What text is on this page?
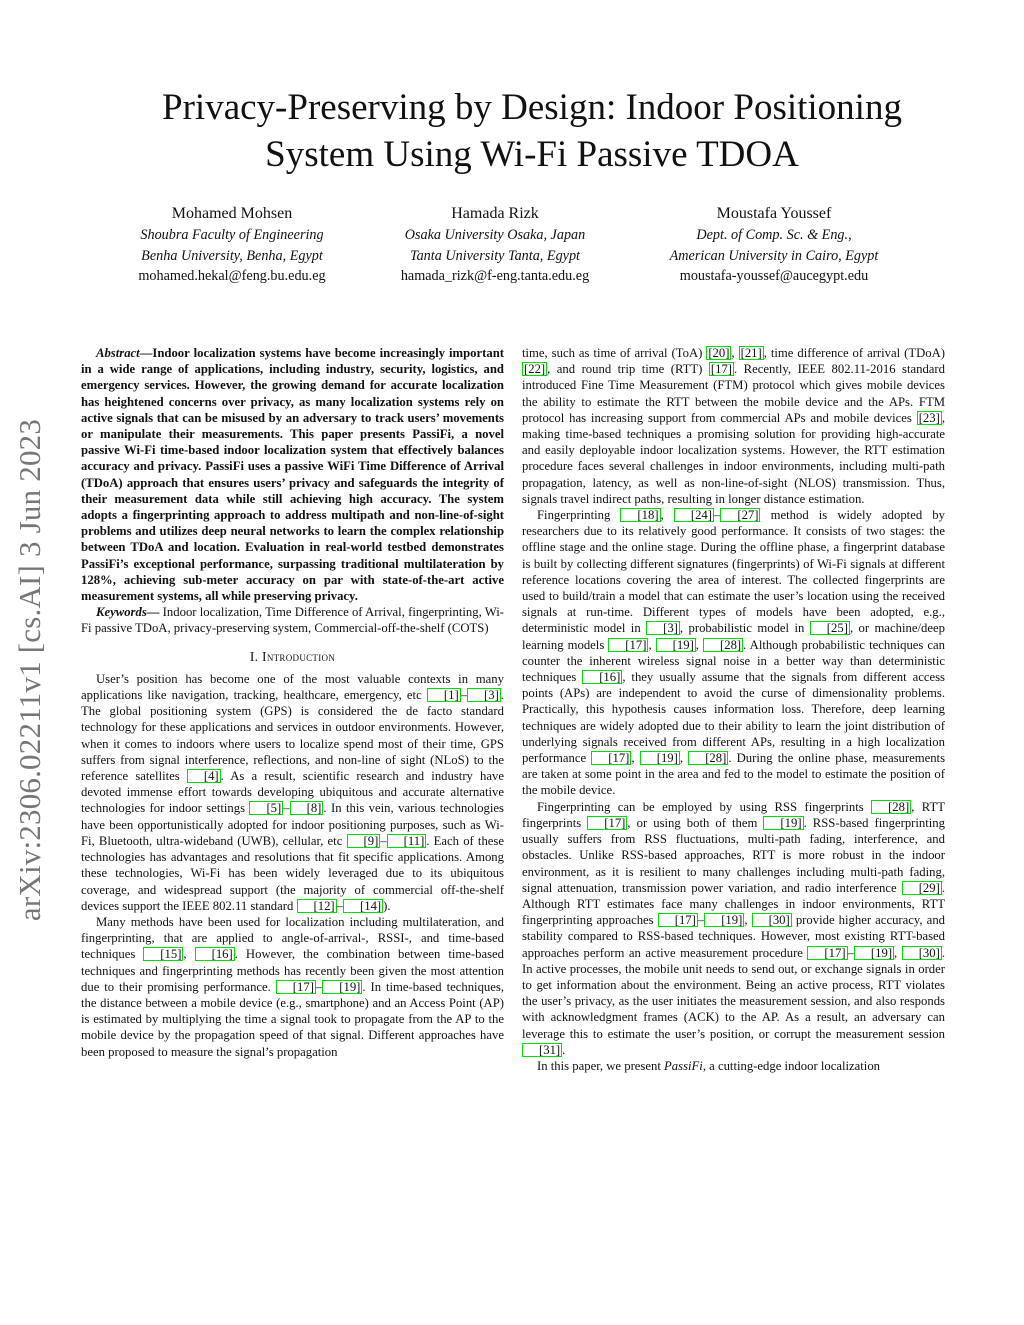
arXiv:2306.02211v1 [cs.AI] 3 Jun 2023
Privacy-Preserving by Design: Indoor Positioning
System Using Wi-Fi Passive TDOA
Mohamed Mohsen
Shoubra Faculty of Engineering
Benha University, Benha, Egypt
mohamed.hekal@feng.bu.edu.eg
Hamada Rizk
Osaka University Osaka, Japan
Tanta University Tanta, Egypt
hamada_rizk@f-eng.tanta.edu.eg
Moustafa Youssef
Dept. of Comp. Sc. & Eng.,
American University in Cairo, Egypt
moustafa-youssef@aucegypt.edu

Abstract—Indoor localization systems have become increasingly important in a wide range of applications, including industry, security, logistics, and emergency services. However, the growing demand for accurate localization has heightened concerns over privacy, as many localization systems rely on active signals that can be misused by an adversary to track users’ movements or manipulate their measurements. This paper presents PassiFi, a novel passive Wi-Fi time-based indoor localization system that effectively balances accuracy and privacy. PassiFi uses a passive WiFi Time Difference of Arrival (TDoA) approach that ensures users’ privacy and safeguards the integrity of their measurement data while still achieving high accuracy. The system adopts a fingerprinting approach to address multipath and non-line-of-sight problems and utilizes deep neural networks to learn the complex relationship between TDoA and location. Evaluation in real-world testbed demonstrates PassiFi’s exceptional performance, surpassing traditional multilateration by 128%, achieving sub-meter accuracy on par with state-of-the-art active measurement systems, all while preserving privacy.

Keywords— Indoor localization, Time Difference of Arrival, fingerprinting, Wi-Fi passive TDoA, privacy-preserving system, Commercial-off-the-shelf (COTS)

I. Introduction

User’s position has become one of the most valuable contexts in many applications like navigation, tracking, healthcare, emergency, etc [1] – [3] . The global positioning system (GPS) is considered the de facto standard technology for these applications and services in outdoor environments. However, when it comes to indoors where users to localize spend most of their time, GPS suffers from signal interference, reflections, and non-line of sight (NLoS) to the reference satellites [4] . As a result, scientific research and industry have devoted immense effort towards developing ubiquitous and accurate alternative technologies for indoor settings [5] – [8] . In this vein, various technologies have been opportunistically adopted for indoor positioning purposes, such as Wi-Fi, Bluetooth, ultra-wideband (UWB), cellular, etc [9] – [11] . Each of these technologies has advantages and resolutions that fit specific applications. Among these technologies, Wi-Fi has been widely leveraged due to its ubiquitous coverage, and widespread support (the majority of commercial off-the-shelf devices support the IEEE 802.11 standard [12] – [14] ).

Many methods have been used for localization including multilateration, and fingerprinting, that are applied to angle-of-arrival-, RSSI-, and time-based techniques [15] , [16] . However, the combination between time-based techniques and fingerprinting methods has recently been given the most attention due to their promising performance. [17] – [19] . In time-based techniques, the distance between a mobile device (e.g., smartphone) and an Access Point (AP) is estimated by multiplying the time a signal took to propagate from the AP to the mobile device by the propagation speed of that signal. Different approaches have been proposed to measure the signal’s propagation

time, such as time of arrival (ToA) [20] , [21] , time difference of arrival (TDoA) [22] , and round trip time (RTT) [17] . Recently, IEEE 802.11-2016 standard introduced Fine Time Measurement (FTM) protocol which gives mobile devices the ability to estimate the RTT between the mobile device and the APs. FTM protocol has increasing support from commercial APs and mobile devices [23] , making time-based techniques a promising solution for providing high-accurate and easily deployable indoor localization systems. However, the RTT estimation procedure faces several challenges in indoor environments, including multi-path propagation, latency, as well as non-line-of-sight (NLOS) transmission. Thus, signals travel indirect paths, resulting in longer distance estimation.

Fingerprinting [18] , [24] – [27] method is widely adopted by researchers due to its relatively good performance. It consists of two stages: the offline stage and the online stage. During the offline phase, a fingerprint database is built by collecting different signatures (fingerprints) of Wi-Fi signals at different reference locations covering the area of interest. The collected fingerprints are used to build/train a model that can estimate the user’s location using the received signals at run-time. Different types of models have been adopted, e.g., deterministic model in [3] , probabilistic model in [25] , or machine/deep learning models [17] , [19] , [28] . Although probabilistic techniques can counter the inherent wireless signal noise in a better way than deterministic techniques [16] , they usually assume that the signals from different access points (APs) are independent to avoid the curse of dimensionality problems. Practically, this hypothesis causes information loss. Therefore, deep learning techniques are widely adopted due to their ability to learn the joint distribution of underlying signals received from different APs, resulting in a high localization performance [17] , [19] , [28] . During the online phase, measurements are taken at some point in the area and fed to the model to estimate the position of the mobile device.

Fingerprinting can be employed by using RSS fingerprints [28] , RTT fingerprints [17] , or using both of them [19] . RSS-based fingerprinting usually suffers from RSS fluctuations, multi-path fading, interference, and obstacles. Unlike RSS-based approaches, RTT is more robust in the indoor environment, as it is resilient to many challenges including multi-path fading, signal attenuation, transmission power variation, and radio interference [29] . Although RTT estimates face many challenges in indoor environments, RTT fingerprinting approaches [17] – [19] , [30] provide higher accuracy, and stability compared to RSS-based techniques. However, most existing RTT-based approaches perform an active measurement procedure [17] – [19] , [30] . In active processes, the mobile unit needs to send out, or exchange signals in order to get information about the environment. Being an active process, RTT violates the user’s privacy, as the user initiates the measurement session, and also responds with acknowledgment frames (ACK) to the AP. As a result, an adversary can leverage this to estimate the user’s position, or corrupt the measurement session [31] .

In this paper, we present PassiFi, a cutting-edge indoor localization
